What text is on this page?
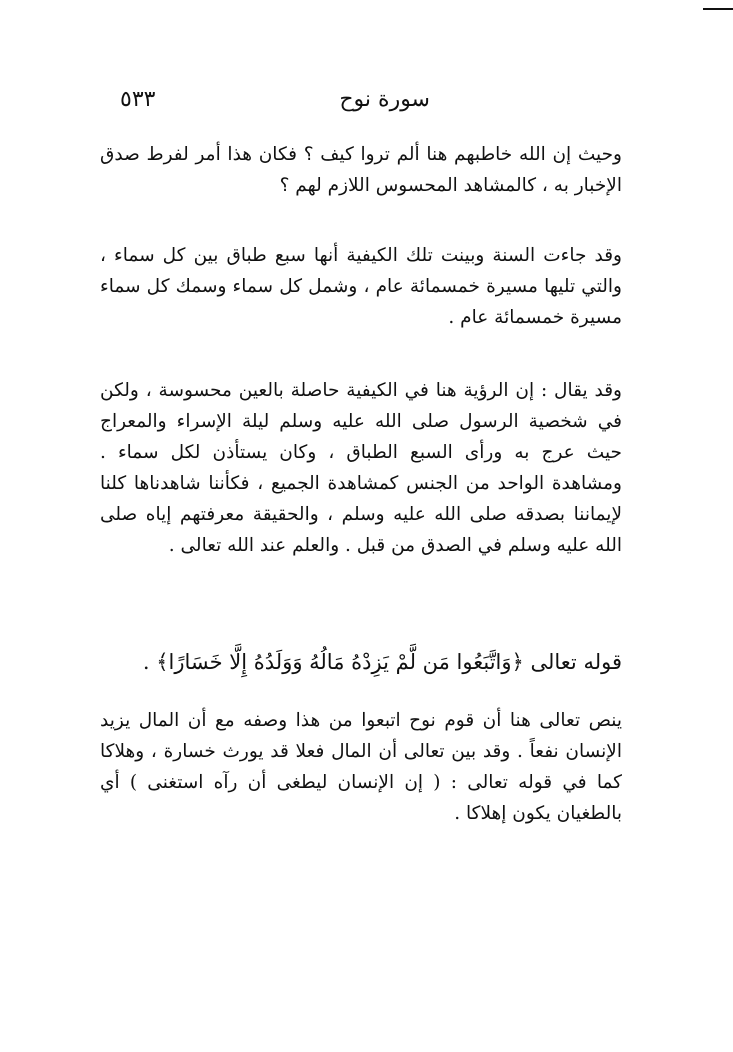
سورة نوح
٥٣٣

وحيث إن الله خاطبهم هنا ألم تروا كيف ؟ فكان هذا أمر لفرط صدق الإخبار به ، كالمشاهد المحسوس اللازم لهم ؟

وقد جاءت السنة وبينت تلك الكيفية أنها سبع طباق بين كل سماء ، والتي تليها مسيرة خمسمائة عام ، وشمل كل سماء وسمك كل سماء مسيرة خمسمائة عام .

وقد يقال : إن الرؤية هنا في الكيفية حاصلة بالعين محسوسة ، ولكن في شخصية الرسول صلى الله عليه وسلم ليلة الإسراء والمعراج حيث عرج به ورأى السبع الطباق ، وكان يستأذن لكل سماء . ومشاهدة الواحد من الجنس كمشاهدة الجميع ، فكأننا شاهدناها كلنا لإيماننا بصدقه صلى الله عليه وسلم ، والحقيقة معرفتهم إياه صلى الله عليه وسلم في الصدق من قبل . والعلم عند الله تعالى .

قوله تعالى ﴿وَاتَّبَعُوا مَن لَّمْ يَزِدْهُ مَالُهُ وَوَلَدُهُ إِلَّا خَسَارًا﴾ .

ينص تعالى هنا أن قوم نوح اتبعوا من هذا وصفه مع أن المال يزيد الإنسان نفعاً . وقد بين تعالى أن المال فعلا قد يورث خسارة ، وهلاكا كما في قوله تعالى : ( إن الإنسان ليطغى أن رآه استغنى ) أي بالطغيان يكون إهلاكا .
